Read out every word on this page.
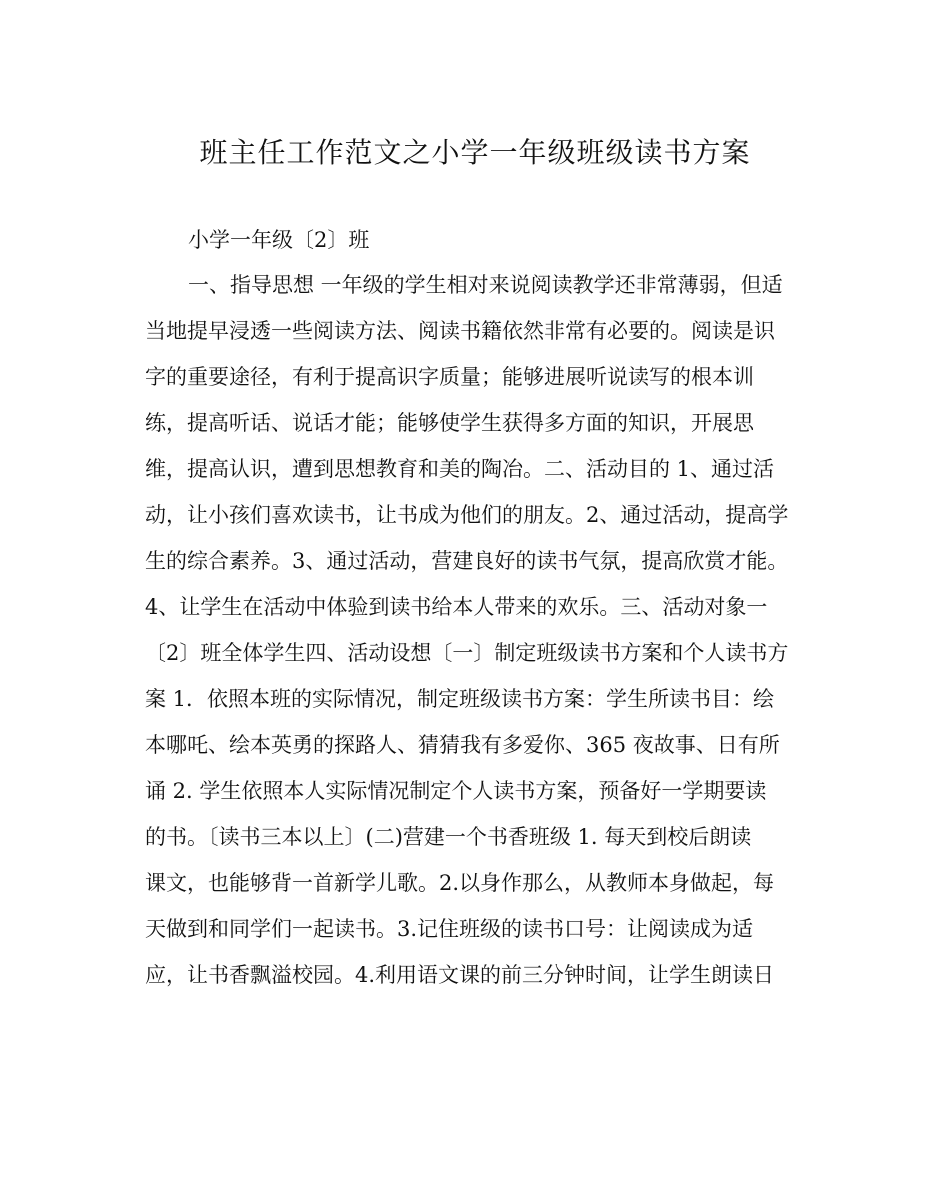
班主任工作范文之小学一年级班级读书方案
小学一年级〔2〕班
一、指导思想 一年级的学生相对来说阅读教学还非常薄弱，但适
当地提早浸透一些阅读方法、阅读书籍依然非常有必要的。阅读是识
字的重要途径，有利于提高识字质量；能够进展听说读写的根本训
练，提高听话、说话才能；能够使学生获得多方面的知识，开展思
维，提高认识，遭到思想教育和美的陶冶。二、活动目的 1、通过活
动，让小孩们喜欢读书，让书成为他们的朋友。2、通过活动，提高学
生的综合素养。3、通过活动，营建良好的读书气氛，提高欣赏才能。
4、让学生在活动中体验到读书给本人带来的欢乐。三、活动对象一
〔2〕班全体学生四、活动设想〔一〕制定班级读书方案和个人读书方
案 1．依照本班的实际情况，制定班级读书方案：学生所读书目：绘
本哪吒、绘本英勇的探路人、猜猜我有多爱你、365 夜故事、日有所
诵 2. 学生依照本人实际情况制定个人读书方案，预备好一学期要读
的书。〔读书三本以上〕(二)营建一个书香班级 1. 每天到校后朗读
课文，也能够背一首新学儿歌。2.以身作那么，从教师本身做起，每
天做到和同学们一起读书。3.记住班级的读书口号：让阅读成为适
应，让书香飘溢校园。4.利用语文课的前三分钟时间，让学生朗读日
